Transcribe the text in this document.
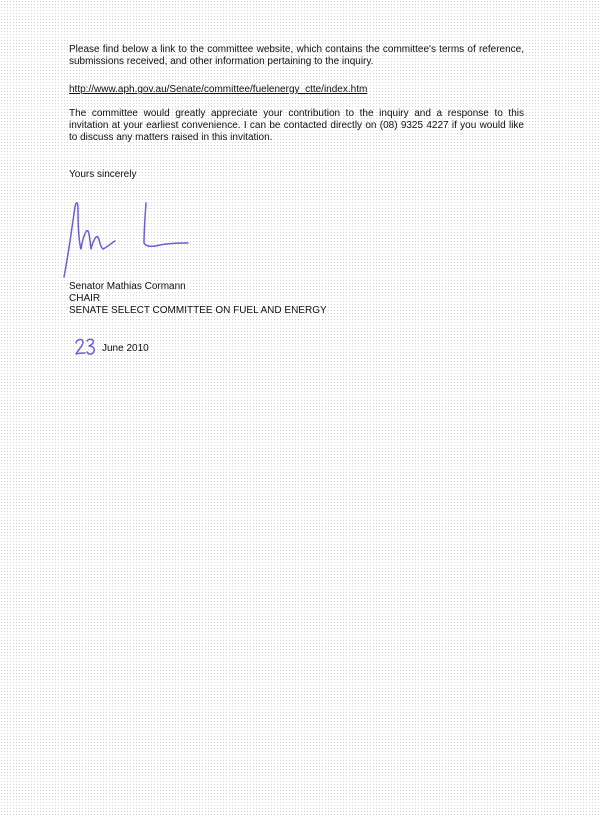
Please find below a link to the committee website, which contains the committee's terms of reference, submissions received, and other information pertaining to the inquiry.

http://www.aph.gov.au/Senate/committee/fuelenergy_ctte/index.htm

The committee would greatly appreciate your contribution to the inquiry and a response to this invitation at your earliest convenience. I can be contacted directly on (08) 9325 4227 if you would like to discuss any matters raised in this invitation.

Yours sincerely

Senator Mathias Cormann

CHAIR

SENATE SELECT COMMITTEE ON FUEL AND ENERGY

June 2010
